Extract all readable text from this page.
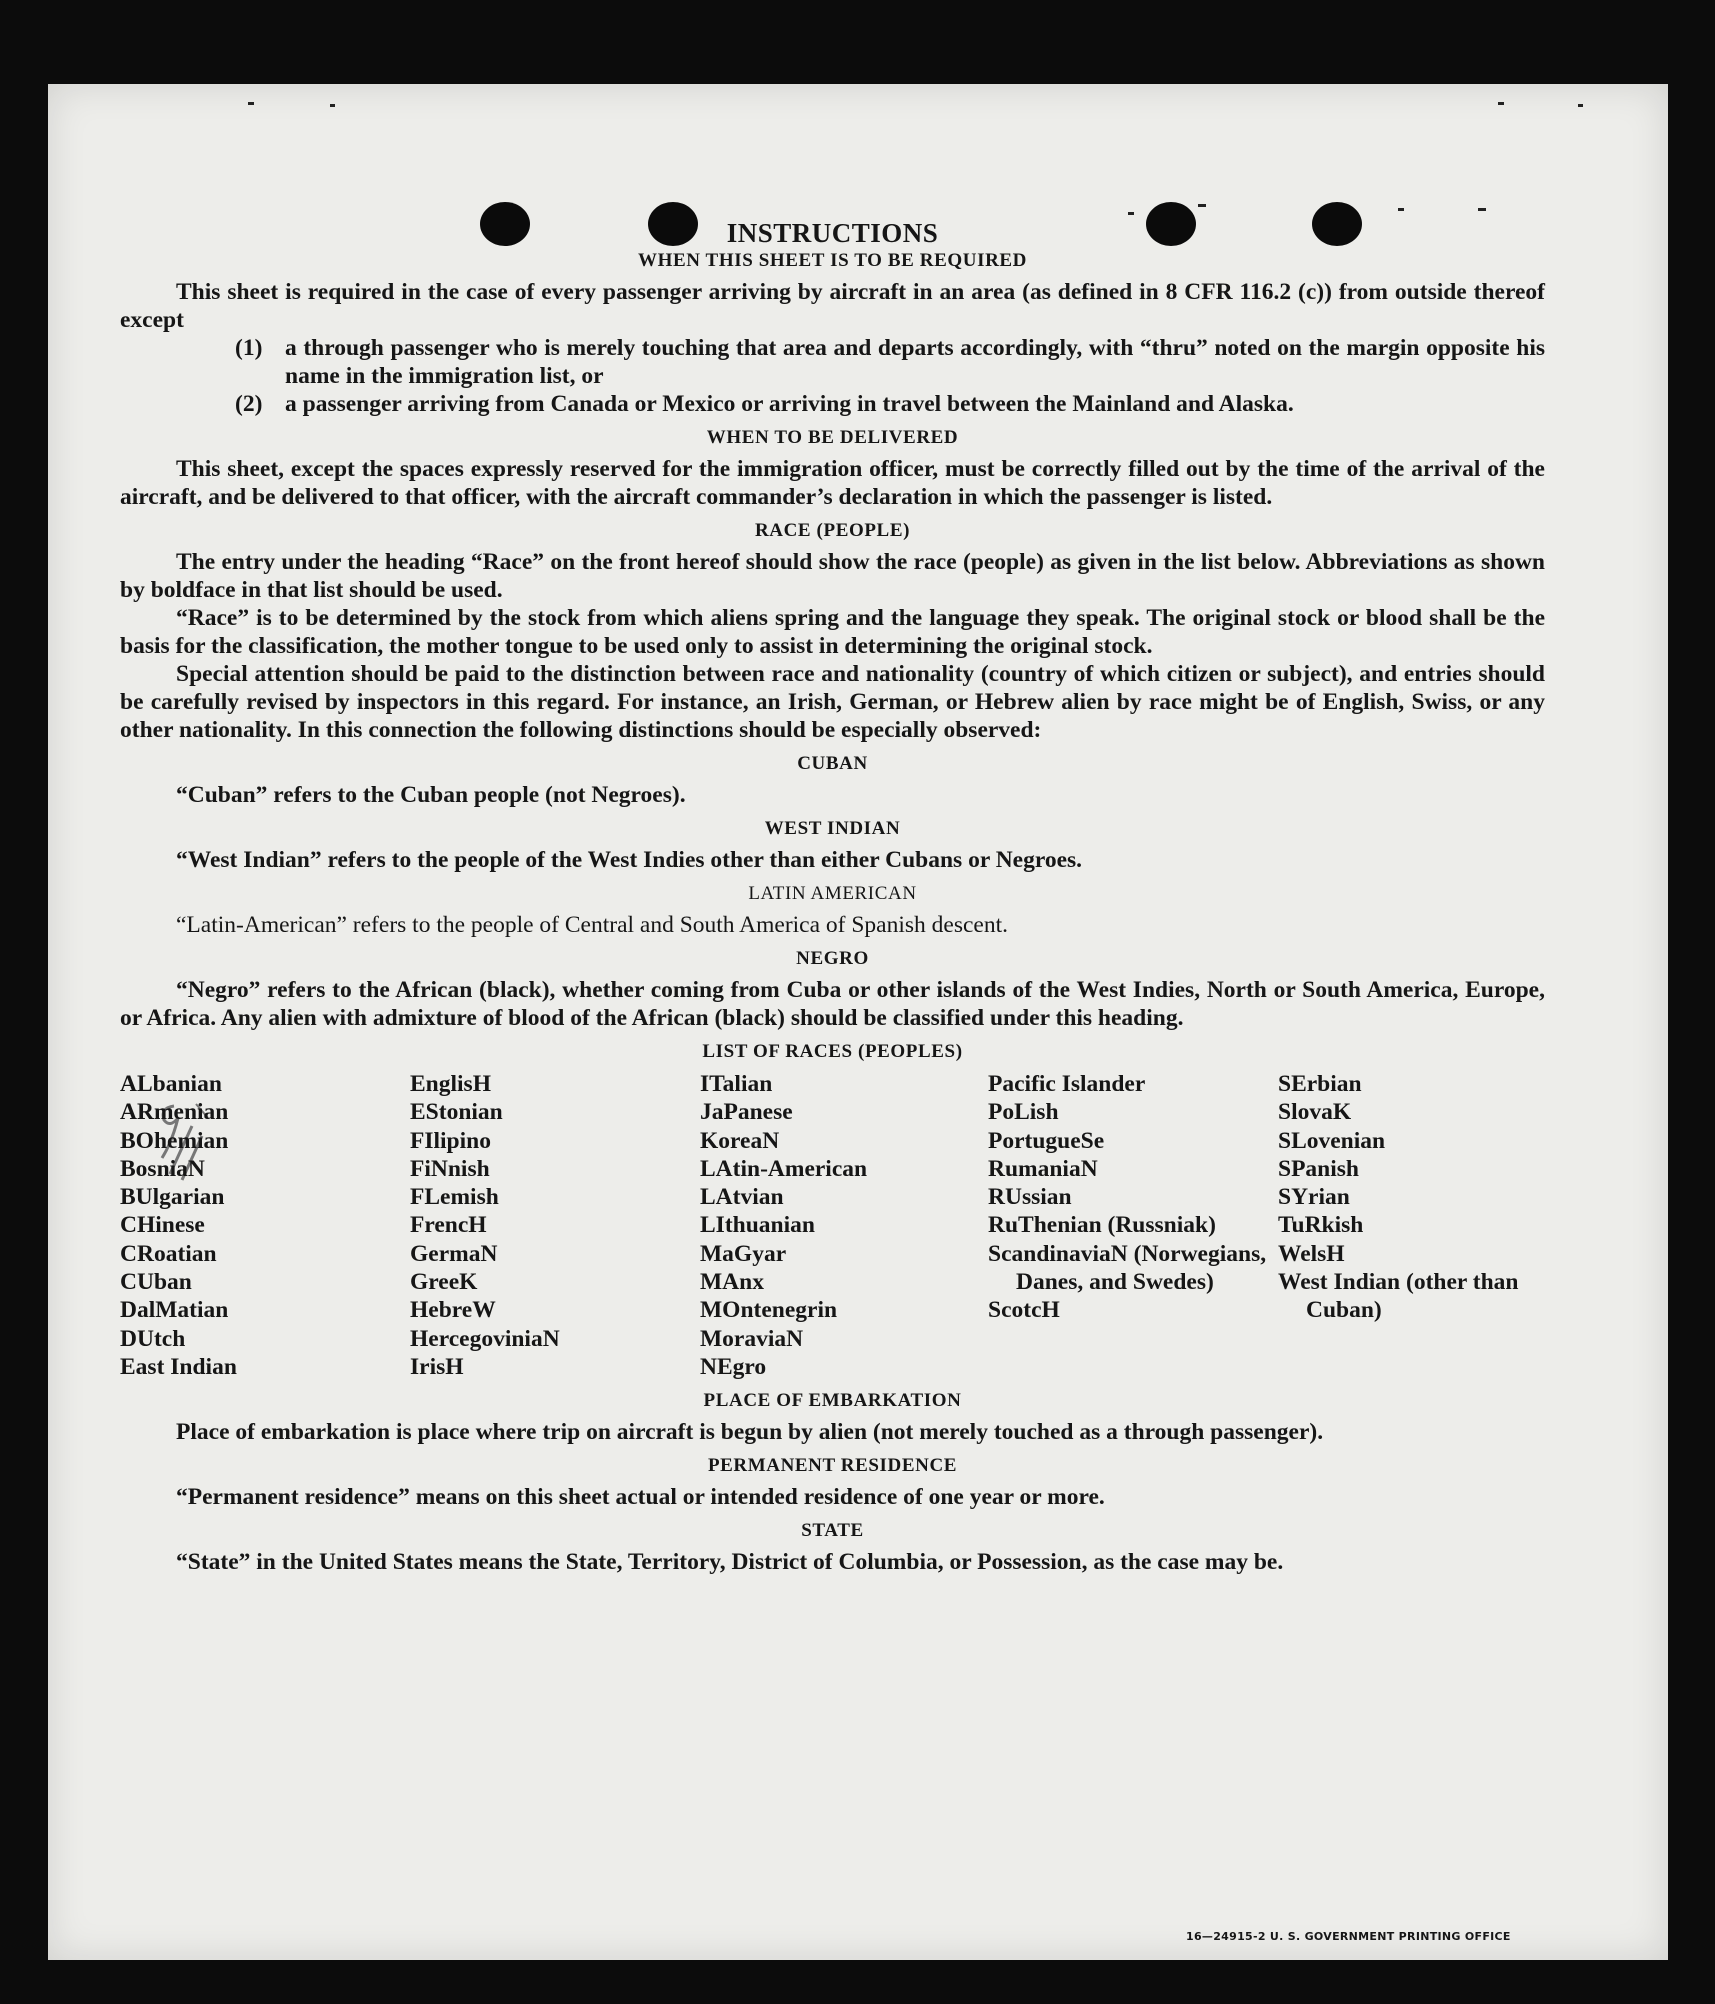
16—24915-2 U. S. GOVERNMENT PRINTING OFFICE
INSTRUCTIONS
WHEN THIS SHEET IS TO BE REQUIRED

This sheet is required in the case of every passenger arriving by aircraft in an area (as defined in 8 CFR 116.2 (c)) from outside thereof except

(1) a through passenger who is merely touching that area and departs accordingly, with “thru” noted on the margin opposite his name in the immigration list, or
(2) a passenger arriving from Canada or Mexico or arriving in travel between the Mainland and Alaska.
WHEN TO BE DELIVERED

This sheet, except the spaces expressly reserved for the immigration officer, must be correctly filled out by the time of the arrival of the aircraft, and be delivered to that officer, with the aircraft commander’s declaration in which the passenger is listed.

RACE (PEOPLE)

The entry under the heading “Race” on the front hereof should show the race (people) as given in the list below. Abbreviations as shown by boldface in that list should be used.

“Race” is to be determined by the stock from which aliens spring and the language they speak. The original stock or blood shall be the basis for the classification, the mother tongue to be used only to assist in determining the original stock.

Special attention should be paid to the distinction between race and nationality (country of which citizen or subject), and entries should be carefully revised by inspectors in this regard. For instance, an Irish, German, or Hebrew alien by race might be of English, Swiss, or any other nationality. In this connection the following distinctions should be especially observed:

CUBAN

“Cuban” refers to the Cuban people (not Negroes).

WEST INDIAN

“West Indian” refers to the people of the West Indies other than either Cubans or Negroes.

LATIN AMERICAN

“Latin-American” refers to the people of Central and South America of Spanish descent.

NEGRO

“Negro” refers to the African (black), whether coming from Cuba or other islands of the West Indies, North or South America, Europe, or Africa. Any alien with admixture of blood of the African (black) should be classified under this heading.

LIST OF RACES (PEOPLES)
ALbanian
ARmenian
BOhemian
BosniaN
BUlgarian
CHinese
CRoatian
CUban
DalMatian
DUtch
East Indian
EnglisH
EStonian
FIlipino
FiNnish
FLemish
FrencH
GermaN
GreeK
HebreW
HercegoviniaN
IrisH
ITalian
JaPanese
KoreaN
LAtin-American
LAtvian
LIthuanian
MaGyar
MAnx
MOntenegrin
MoraviaN
NEgro
Pacific Islander
PoLish
PortugueSe
RumaniaN
RUssian
RuThenian (Russniak)
ScandinaviaN (Norwegians, Danes, and Swedes)
ScotcH
SErbian
SlovaK
SLovenian
SPanish
SYrian
TuRkish
WelsH
West Indian (other than Cuban)
PLACE OF EMBARKATION

Place of embarkation is place where trip on aircraft is begun by alien (not merely touched as a through passenger).

PERMANENT RESIDENCE

“Permanent residence” means on this sheet actual or intended residence of one year or more.

STATE

“State” in the United States means the State, Territory, District of Columbia, or Possession, as the case may be.
